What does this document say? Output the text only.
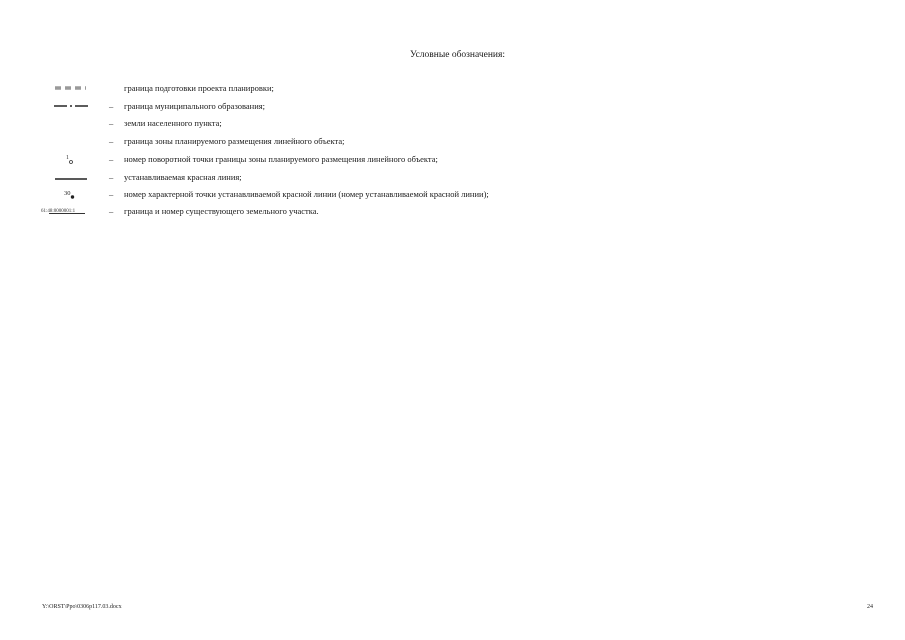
Условные обозначения:
граница подготовки проекта планировки;
– граница муниципального образования;
– земли населенного пункта;
– граница зоны планируемого размещения линейного объекта;
1	– номер поворотной точки границы зоны планируемого размещения линейного объекта;
– устанавливаемая красная линия;
30	– номер характерной точки устанавливаемой красной линии (номер устанавливаемой красной линии);
61:48:0000001:1	– граница и номер существующего земельного участка.
Y:\ORST\Ppo\0306p117.03.docx	24
